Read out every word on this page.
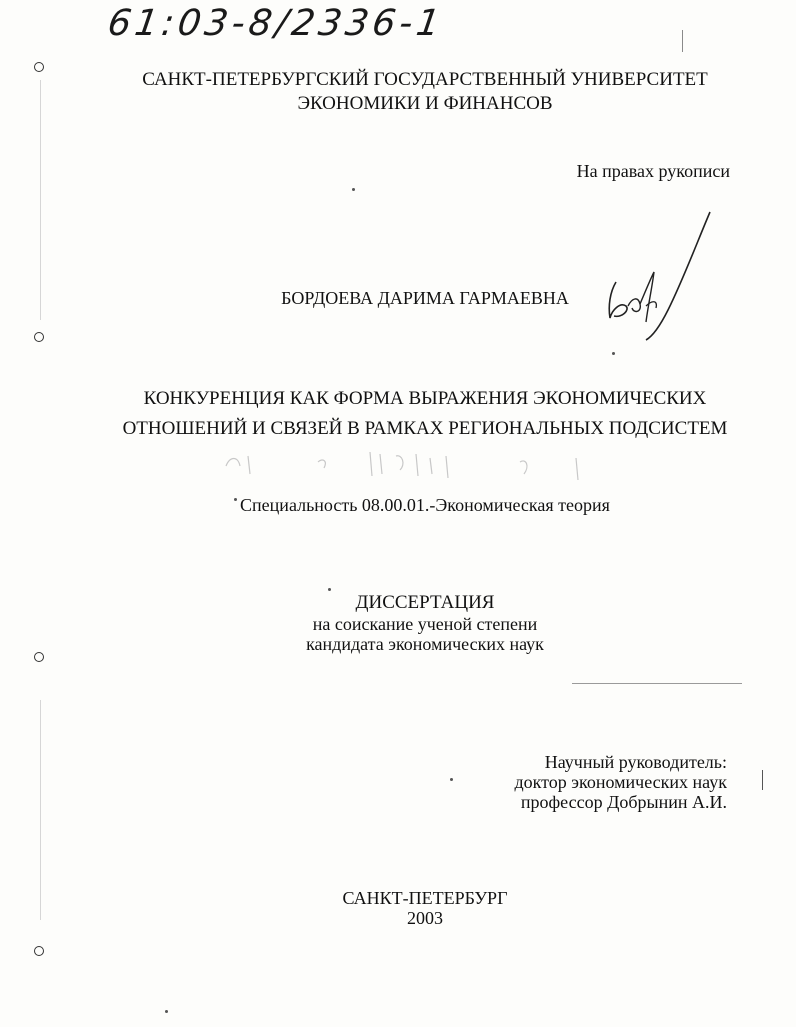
61:03-8/2336-1
САНКТ-ПЕТЕРБУРГСКИЙ ГОСУДАРСТВЕННЫЙ УНИВЕРСИТЕТ
ЭКОНОМИКИ И ФИНАНСОВ
На правах рукописи
БОРДОЕВА ДАРИМА ГАРМАЕВНА
КОНКУРЕНЦИЯ КАК ФОРМА ВЫРАЖЕНИЯ ЭКОНОМИЧЕСКИХ
ОТНОШЕНИЙ И СВЯЗЕЙ В РАМКАХ РЕГИОНАЛЬНЫХ ПОДСИСТЕМ
Специальность 08.00.01.-Экономическая теория
ДИССЕРТАЦИЯ
на соискание ученой степени
кандидата экономических наук
Научный руководитель:
доктор экономических наук
профессор Добрынин А.И.
САНКТ-ПЕТЕРБУРГ
2003
